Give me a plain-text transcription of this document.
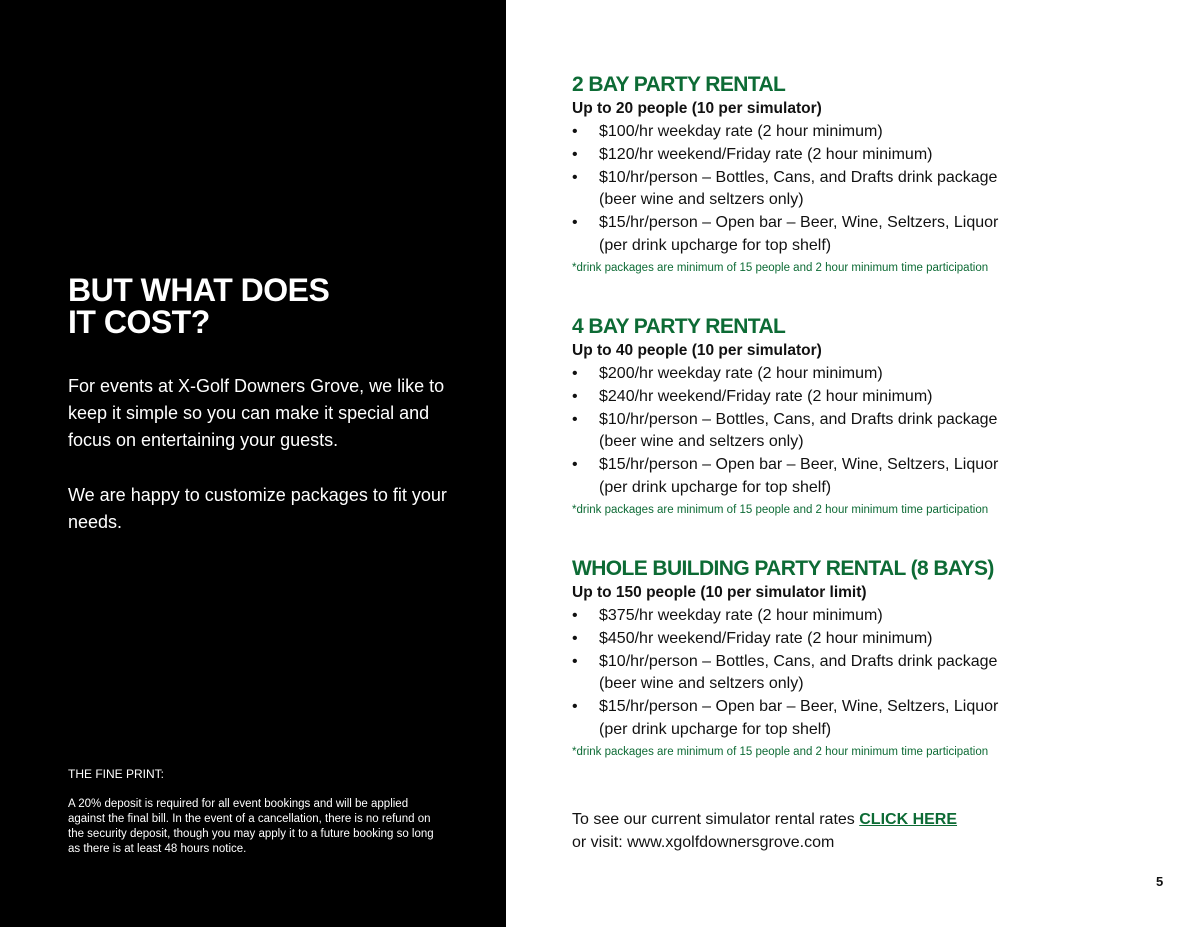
BUT WHAT DOES
IT COST?

For events at X-Golf Downers Grove, we like to keep it simple so you can make it special and focus on entertaining your guests.

We are happy to customize packages to fit your needs.

THE FINE PRINT:

A 20% deposit is required for all event bookings and will be applied against the final bill. In the event of a cancellation, there is no refund on the security deposit, though you may apply it to a future booking so long as there is at least 48 hours notice.

2 BAY PARTY RENTAL

Up to 20 people (10 per simulator)

• $100/hr weekday rate (2 hour minimum)
• $120/hr weekend/Friday rate (2 hour minimum)
• $10/hr/person – Bottles, Cans, and Drafts drink package
(beer wine and seltzers only)
• $15/hr/person – Open bar – Beer, Wine, Seltzers, Liquor
(per drink upcharge for top shelf)

*drink packages are minimum of 15 people and 2 hour minimum time participation

4 BAY PARTY RENTAL

Up to 40 people (10 per simulator)

• $200/hr weekday rate (2 hour minimum)
• $240/hr weekend/Friday rate (2 hour minimum)
• $10/hr/person – Bottles, Cans, and Drafts drink package
(beer wine and seltzers only)
• $15/hr/person – Open bar – Beer, Wine, Seltzers, Liquor
(per drink upcharge for top shelf)

*drink packages are minimum of 15 people and 2 hour minimum time participation

WHOLE BUILDING PARTY RENTAL (8 BAYS)

Up to 150 people (10 per simulator limit)

• $375/hr weekday rate (2 hour minimum)
• $450/hr weekend/Friday rate (2 hour minimum)
• $10/hr/person – Bottles, Cans, and Drafts drink package
(beer wine and seltzers only)
• $15/hr/person – Open bar – Beer, Wine, Seltzers, Liquor
(per drink upcharge for top shelf)

*drink packages are minimum of 15 people and 2 hour minimum time participation

To see our current simulator rental rates CLICK HERE
or visit: www.xgolfdownersgrove.com

5
